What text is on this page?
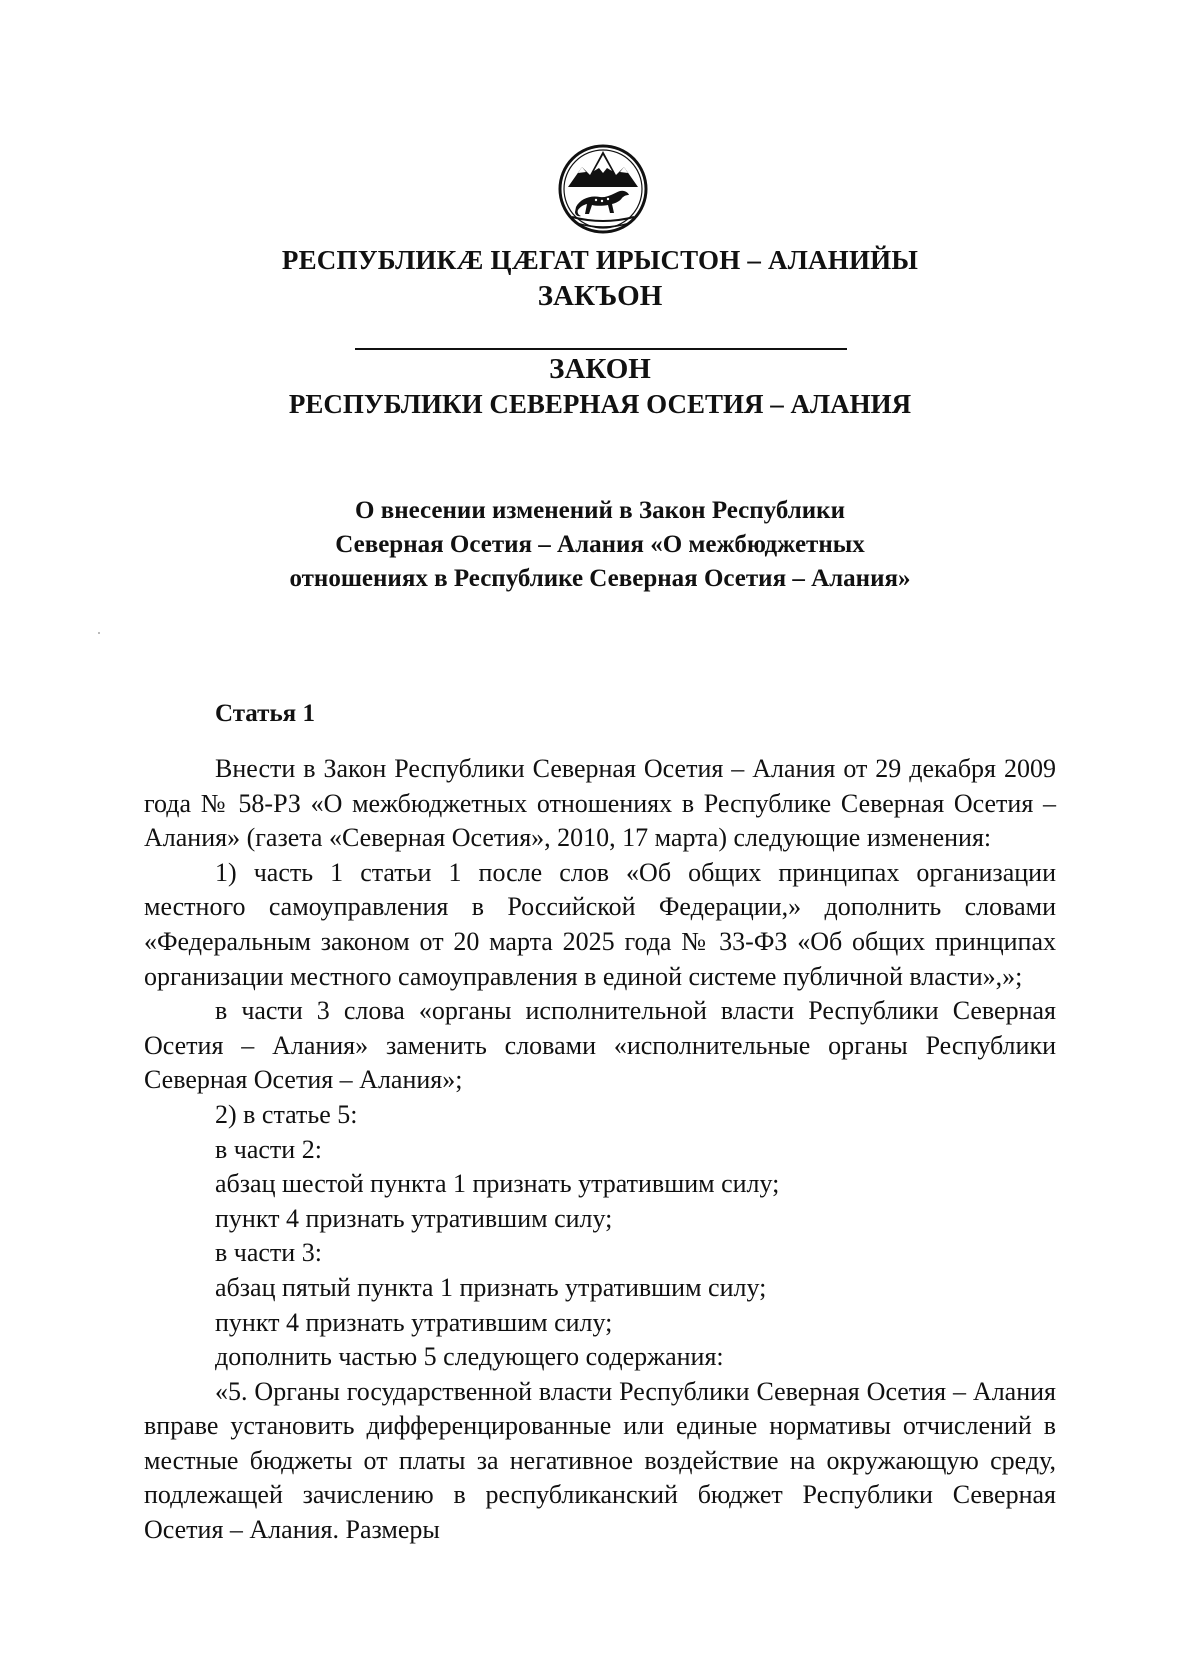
РЕСПУБЛИКӔ ЦӔГАТ ИРЫСТОН – АЛАНИЙЫ
ЗАКЪОН
ЗАКОН
РЕСПУБЛИКИ СЕВЕРНАЯ ОСЕТИЯ – АЛАНИЯ
О внесении изменений в Закон Республики
Северная Осетия – Алания «О межбюджетных
отношениях в Республике Северная Осетия – Алания»
Статья 1

Внести в Закон Республики Северная Осетия – Алания от 29 декабря 2009 года № 58-РЗ «О межбюджетных отношениях в Республике Северная Осетия – Алания» (газета «Северная Осетия», 2010, 17 марта) следующие изменения:

1) часть 1 статьи 1 после слов «Об общих принципах организации местного самоуправления в Российской Федерации,» дополнить словами «Федеральным законом от 20 марта 2025 года № 33-ФЗ «Об общих принципах организации местного самоуправления в единой системе публичной власти»,»;

в части 3 слова «органы исполнительной власти Республики Северная Осетия – Алания» заменить словами «исполнительные органы Республики Северная Осетия – Алания»;

2) в статье 5:

в части 2:

абзац шестой пункта 1 признать утратившим силу;

пункт 4 признать утратившим силу;

в части 3:

абзац пятый пункта 1 признать утратившим силу;

пункт 4 признать утратившим силу;

дополнить частью 5 следующего содержания:

«5. Органы государственной власти Республики Северная Осетия – Алания вправе установить дифференцированные или единые нормативы отчислений в местные бюджеты от платы за негативное воздействие на окружающую среду, подлежащей зачислению в республиканский бюджет Республики Северная Осетия – Алания. Размеры
